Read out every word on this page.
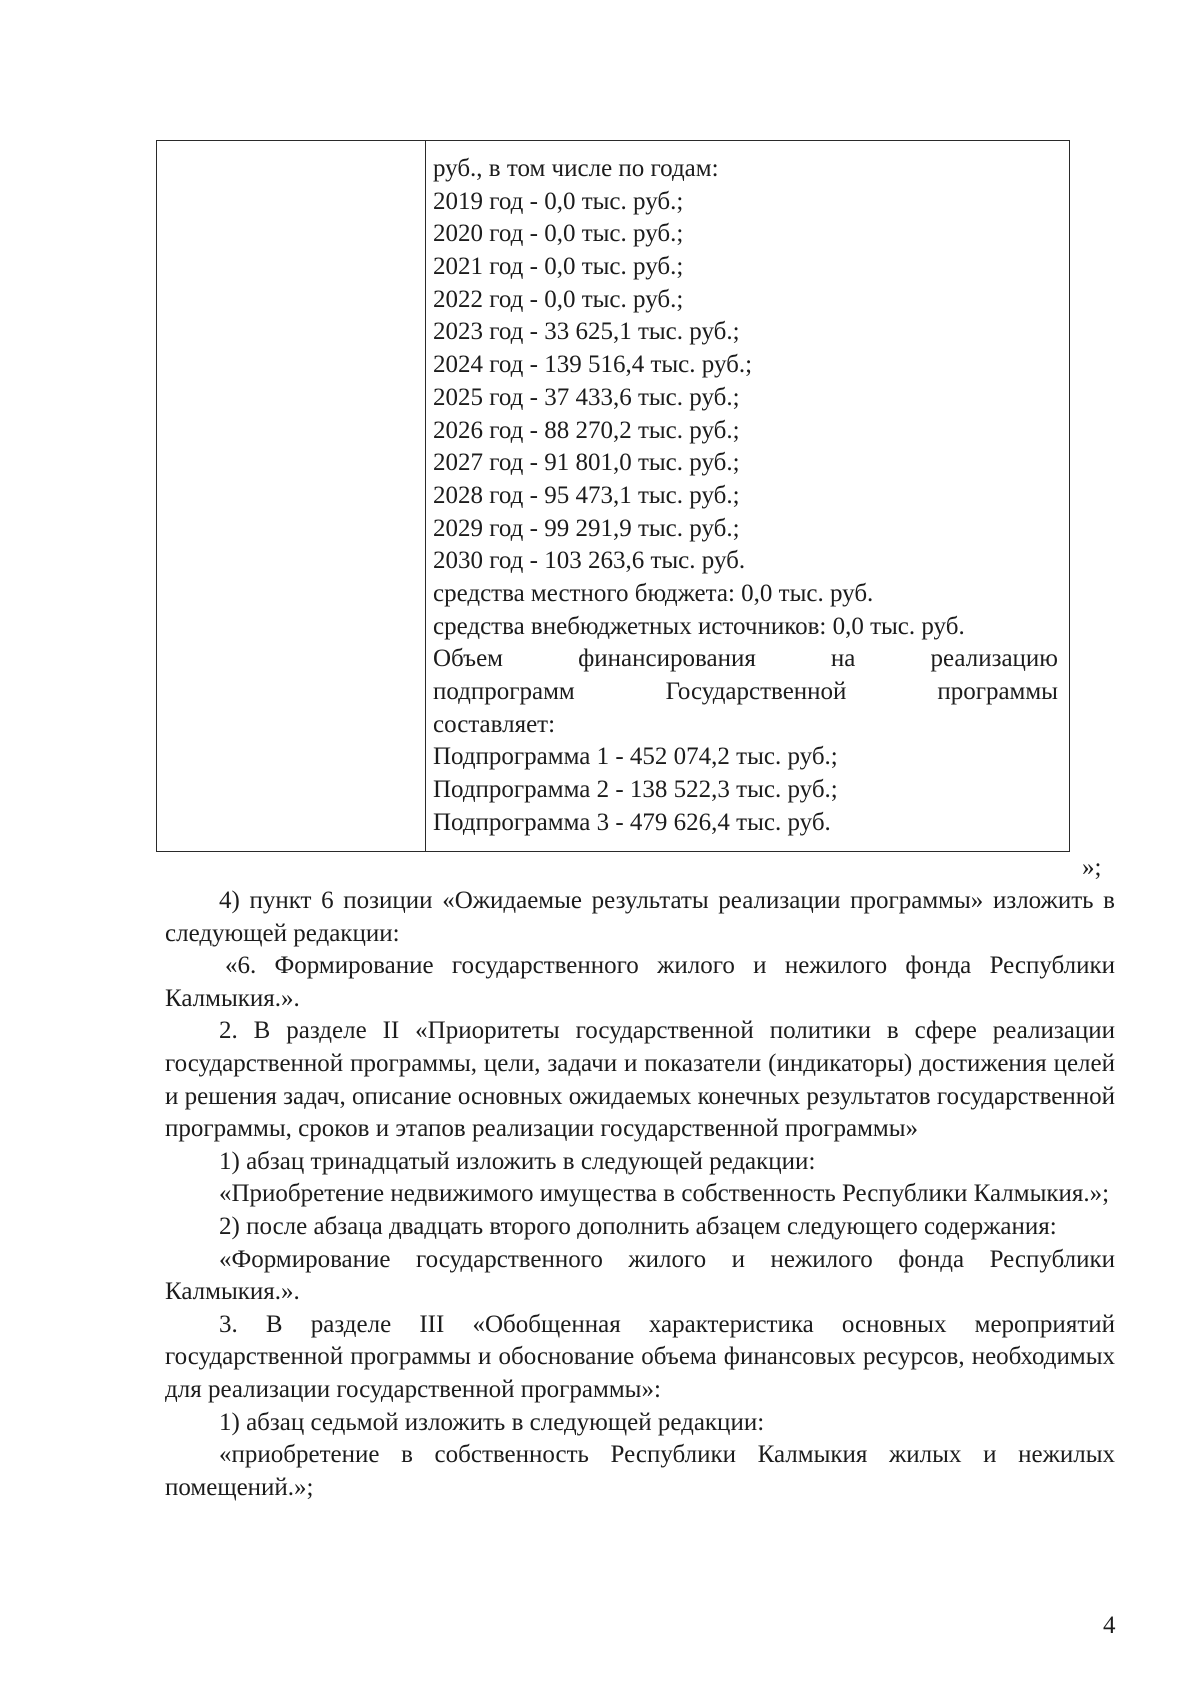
руб., в том числе по годам:
2019 год - 0,0 тыс. руб.;
2020 год - 0,0 тыс. руб.;
2021 год - 0,0 тыс. руб.;
2022 год - 0,0 тыс. руб.;
2023 год - 33 625,1 тыс. руб.;
2024 год - 139 516,4 тыс. руб.;
2025 год - 37 433,6 тыс. руб.;
2026 год - 88 270,2 тыс. руб.;
2027 год - 91 801,0 тыс. руб.;
2028 год - 95 473,1 тыс. руб.;
2029 год - 99 291,9 тыс. руб.;
2030 год - 103 263,6 тыс. руб.
средства местного бюджета: 0,0 тыс. руб.
средства внебюджетных источников: 0,0 тыс. руб.
Объем	финансирования	на	реализацию
подпрограмм	Государственной	программы
составляет:
Подпрограмма 1 - 452 074,2 тыс. руб.;
Подпрограмма 2 - 138 522,3 тыс. руб.;
Подпрограмма 3 - 479 626,4 тыс. руб.
»;

4) пункт 6 позиции «Ожидаемые результаты реализации программы» изложить в следующей редакции:

«6. Формирование государственного жилого и нежилого фонда Республики Калмыкия.».

2. В разделе II «Приоритеты государственной политики в сфере реализации государственной программы, цели, задачи и показатели (индикаторы) достижения целей и решения задач, описание основных ожидаемых конечных результатов государственной программы, сроков и этапов реализации государственной программы»

1) абзац тринадцатый изложить в следующей редакции:

«Приобретение недвижимого имущества в собственность Республики Калмыкия.»;

2) после абзаца двадцать второго дополнить абзацем следующего содержания:

«Формирование государственного жилого и нежилого фонда Республики Калмыкия.».

3. В разделе III «Обобщенная характеристика основных мероприятий государственной программы и обоснование объема финансовых ресурсов, необходимых для реализации государственной программы»:

1) абзац седьмой изложить в следующей редакции:

«приобретение в собственность Республики Калмыкия жилых и нежилых помещений.»;

4
